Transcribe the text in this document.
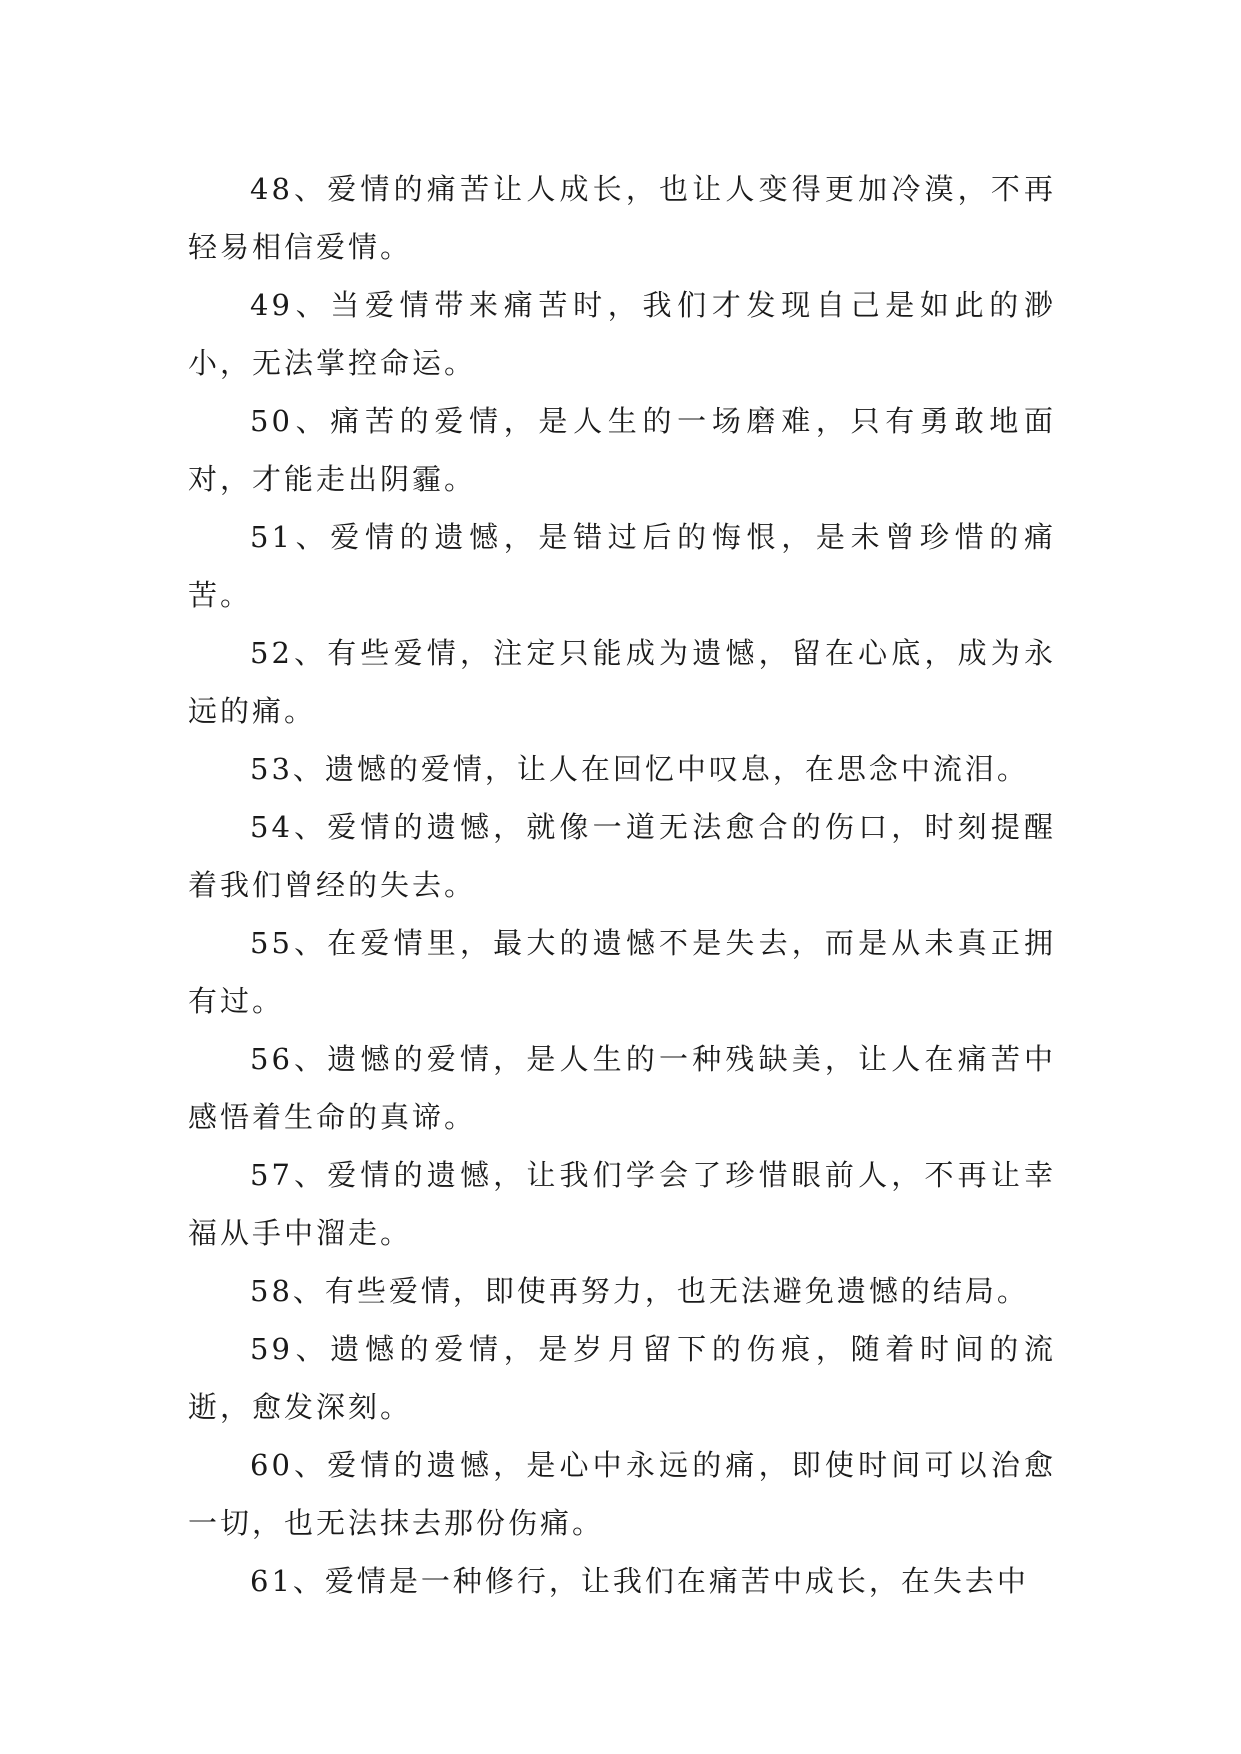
48、爱情的痛苦让人成长，也让人变得更加冷漠，不再轻易相信爱情。

49、当爱情带来痛苦时，我们才发现自己是如此的渺小，无法掌控命运。

50、痛苦的爱情，是人生的一场磨难，只有勇敢地面对，才能走出阴霾。

51、爱情的遗憾，是错过后的悔恨，是未曾珍惜的痛苦。

52、有些爱情，注定只能成为遗憾，留在心底，成为永远的痛。

53、遗憾的爱情，让人在回忆中叹息，在思念中流泪。

54、爱情的遗憾，就像一道无法愈合的伤口，时刻提醒着我们曾经的失去。

55、在爱情里，最大的遗憾不是失去，而是从未真正拥有过。

56、遗憾的爱情，是人生的一种残缺美，让人在痛苦中感悟着生命的真谛。

57、爱情的遗憾，让我们学会了珍惜眼前人，不再让幸福从手中溜走。

58、有些爱情，即使再努力，也无法避免遗憾的结局。

59、遗憾的爱情，是岁月留下的伤痕，随着时间的流逝，愈发深刻。

60、爱情的遗憾，是心中永远的痛，即使时间可以治愈一切，也无法抹去那份伤痛。

61、爱情是一种修行，让我们在痛苦中成长，在失去中
